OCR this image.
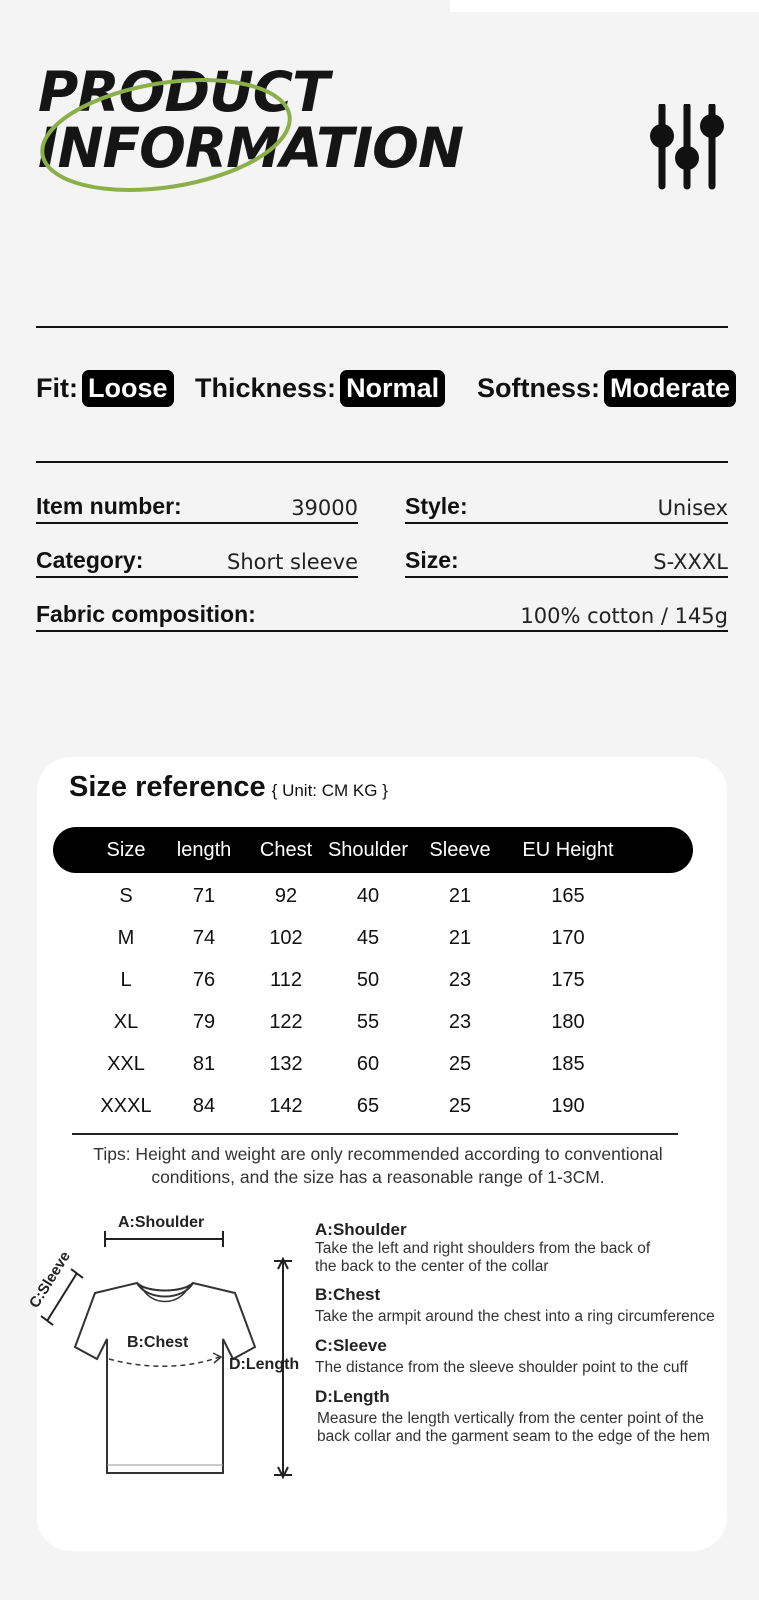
PRODUCT
INFORMATION
Fit: Loose Thickness: Normal Softness: Moderate
Item number:	39000 Style:	Unisex
Category:	Short sleeve Size:	S-XXXL
Fabric composition:	100% cotton / 145g
Size reference { Unit: CM KG }
Size length Chest Shoulder Sleeve EU Height
S	71	92	40	21	165
M	74	102	45	21	170
L	76	112	50	23	175
XL	79	122	55	23	180
XXL 81	132	60	25	185
XXXL 84	142	65	25	190
Tips: Height and weight are only recommended according to conventional conditions, and the size has a reasonable range of 1-3CM.
A:Shoulder
B:Chest
C:Sleeve
D:Length
A:Shoulder
Take the left and right shoulders from the back of the back to the center of the collar
B:Chest
Take the armpit around the chest into a ring circumference
C:Sleeve
The distance from the sleeve shoulder point to the cuff
D:Length
Measure the length vertically from the center point of the back collar and the garment seam to the edge of the hem
